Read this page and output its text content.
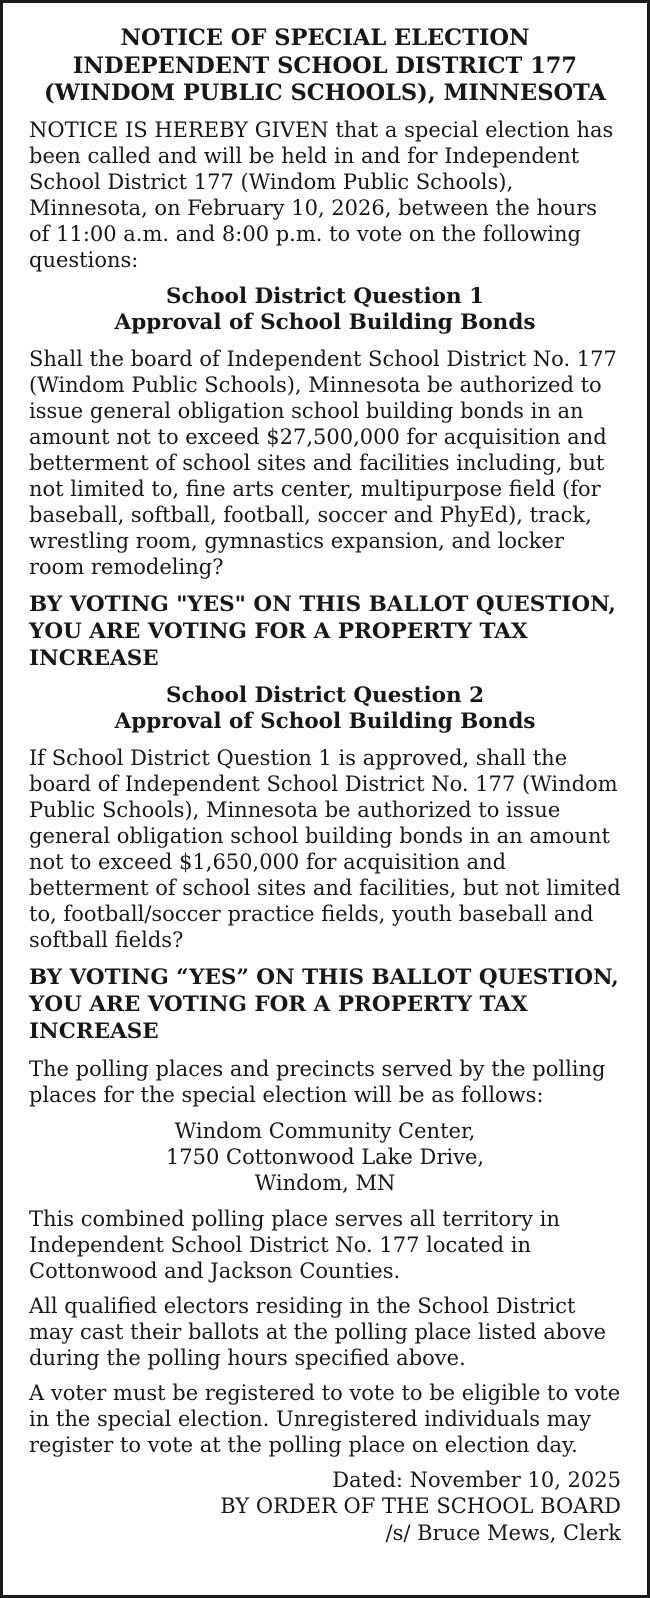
NOTICE OF SPECIAL ELECTION
INDEPENDENT SCHOOL DISTRICT 177
(WINDOM PUBLIC SCHOOLS), MINNESOTA

NOTICE IS HEREBY GIVEN that a special election has been called and will be held in and for Independent School District 177 (Windom Public Schools), Minnesota, on February 10, 2026, between the hours of 11:00 a.m. and 8:00 p.m. to vote on the following questions:

School District Question 1
Approval of School Building Bonds

Shall the board of Independent School District No. 177 (Windom Public Schools), Minnesota be authorized to issue general obligation school building bonds in an amount not to exceed $27,500,000 for acquisition and betterment of school sites and facilities including, but not limited to, fine arts center, multipurpose field (for baseball, softball, football, soccer and PhyEd), track, wrestling room, gymnastics expansion, and locker room remodeling?

BY VOTING "YES" ON THIS BALLOT QUESTION, YOU ARE VOTING FOR A PROPERTY TAX INCREASE

School District Question 2
Approval of School Building Bonds

If School District Question 1 is approved, shall the board of Independent School District No. 177 (Windom Public Schools), Minnesota be authorized to issue general obligation school building bonds in an amount not to exceed $1,650,000 for acquisition and betterment of school sites and facilities, but not limited to, football/soccer practice fields, youth baseball and softball fields?

BY VOTING “YES” ON THIS BALLOT QUESTION, YOU ARE VOTING FOR A PROPERTY TAX INCREASE

The polling places and precincts served by the polling places for the special election will be as follows:

Windom Community Center,
1750 Cottonwood Lake Drive,
Windom, MN

This combined polling place serves all territory in Independent School District No. 177 located in Cottonwood and Jackson Counties.

All qualified electors residing in the School District may cast their ballots at the polling place listed above during the polling hours specified above.

A voter must be registered to vote to be eligible to vote in the special election. Unregistered individuals may register to vote at the polling place on election day.

Dated: November 10, 2025
BY ORDER OF THE SCHOOL BOARD
/s/ Bruce Mews, Clerk
